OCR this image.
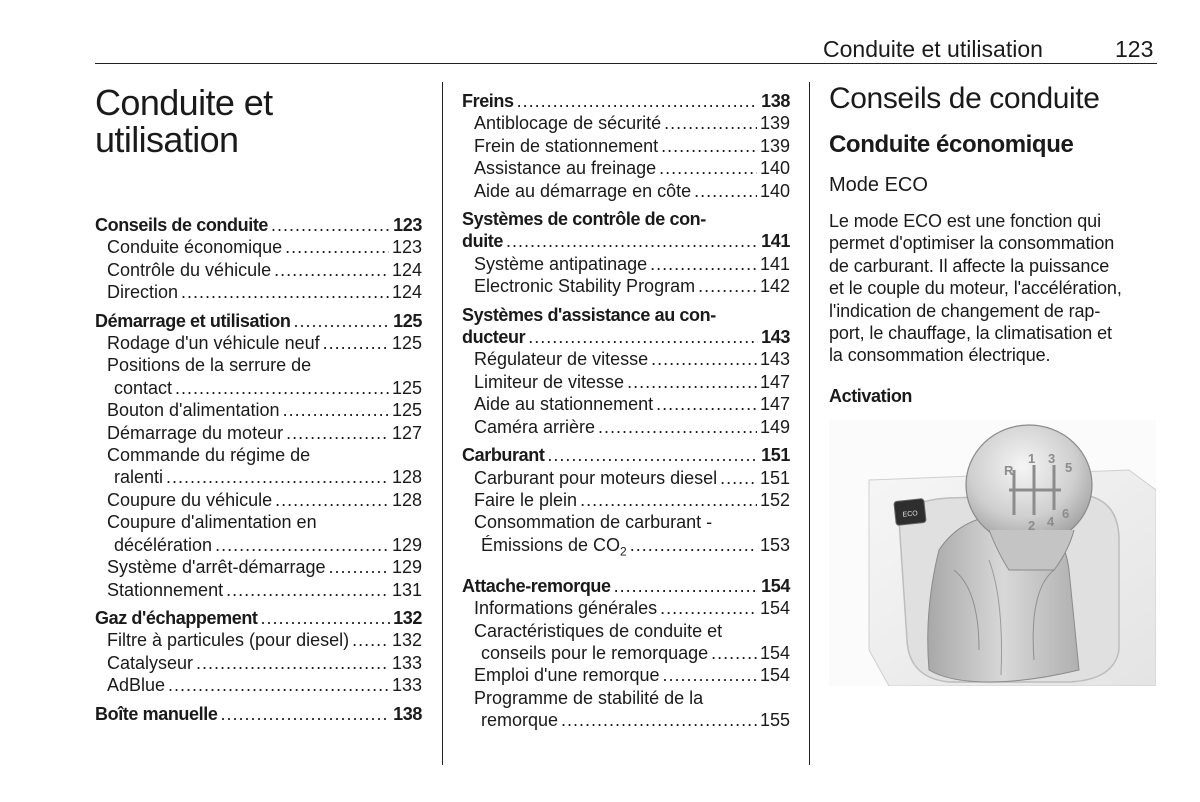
Conduite et utilisation	123
Conduite et
utilisation
Conseils de conduite .....	123
Conduite économique .....	123
Contrôle du véhicule .....	124
Direction .....	124
Démarrage et utilisation .....	125
Rodage d'un véhicule neuf .....	125
Positions de la serrure de
contact .....	125
Bouton d'alimentation .....	125
Démarrage du moteur .....	127
Commande du régime de
ralenti .....	128
Coupure du véhicule .....	128
Coupure d'alimentation en
décélération .....	129
Système d'arrêt-démarrage .....	129
Stationnement .....	131
Gaz d'échappement .....	132
Filtre à particules (pour diesel) ..... 132
Catalyseur .....	133
AdBlue .....	133
Boîte manuelle .....	138
Freins .....	138
Antiblocage de sécurité .....	139
Frein de stationnement .....	139
Assistance au freinage .....	140
Aide au démarrage en côte .....	140
Systèmes de contrôle de con-
duite .....	141
Système antipatinage .....	141
Electronic Stability Program .....	142
Systèmes d'assistance au con-
ducteur .....	143
Régulateur de vitesse .....	143
Limiteur de vitesse .....	147
Aide au stationnement .....	147
Caméra arrière .....	149
Carburant .....	151
Carburant pour moteurs diesel ..... 151
Faire le plein .....	152
Consommation de carburant -
Émissions de $CO_2$ .....	153
Attache-remorque .....	154
Informations générales .....	154
Caractéristiques de conduite et
conseils pour le remorquage .....	154
Emploi d'une remorque .....	154
Programme de stabilité de la
remorque .....	155
Conseils de conduite
Conduite économique
Mode ECO

Le mode ECO est une fonction qui
permet d'optimiser la consommation
de carburant. Il affecte la puissance
et le couple du moteur, l'accélération,
l'indication de changement de rap-
port, le chauffage, la climatisation et
la consommation électrique.

Activation
R
1 3
5
2 4
6
ECO
